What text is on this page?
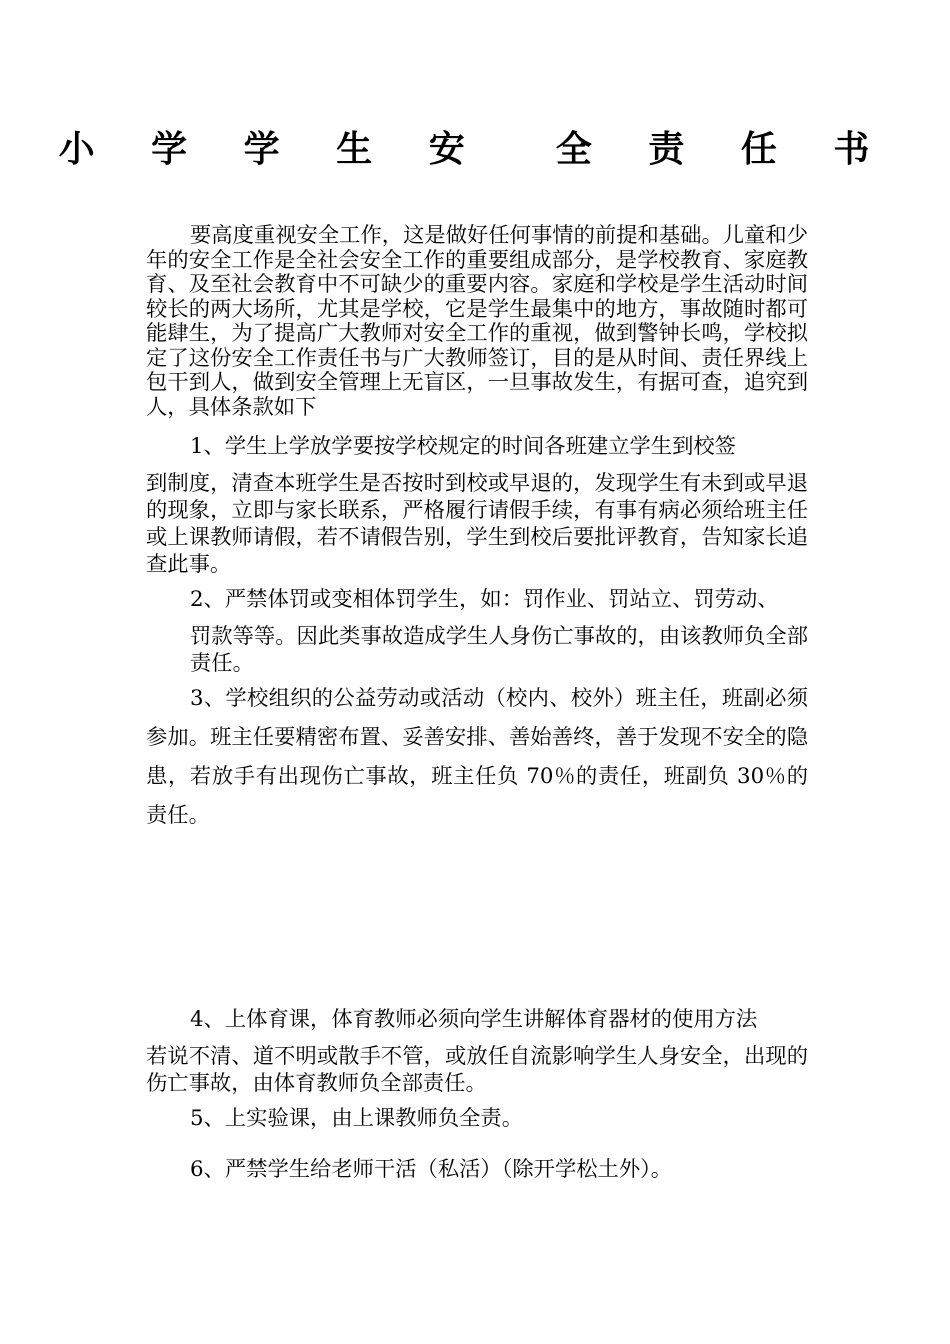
小 学 学 生 安  全 责 任 书

要高度重视安全工作，这是做好任何事情的前提和基础。儿童和少年的安全工作是全社会安全工作的重要组成部分，是学校教育、家庭教育、及至社会教育中不可缺少的重要内容。家庭和学校是学生活动时间较长的两大场所，尤其是学校，它是学生最集中的地方，事故随时都可能肆生，为了提高广大教师对安全工作的重视，做到警钟长鸣，学校拟定了这份安全工作责任书与广大教师签订，目的是从时间、责任界线上包干到人，做到安全管理上无盲区，一旦事故发生，有据可查，追究到人，具体条款如下

1、学生上学放学要按学校规定的时间各班建立学生到校签
到制度，清查本班学生是否按时到校或早退的，发现学生有未到或早退的现象，立即与家长联系，严格履行请假手续，有事有病必须给班主任或上课教师请假，若不请假告别，学生到校后要批评教育，告知家长追查此事。
2、严禁体罚或变相体罚学生，如：罚作业、罚站立、罚劳动、
罚款等等。因此类事故造成学生人身伤亡事故的，由该教师负全部责任。

3、学校组织的公益劳动或活动（校内、校外）班主任，班副必须参加。班主任要精密布置、妥善安排、善始善终，善于发现不安全的隐患，若放手有出现伤亡事故，班主任负 70％的责任，班副负 30％的责任。

4、上体育课，体育教师必须向学生讲解体育器材的使用方法
若说不清、道不明或散手不管，或放任自流影响学生人身安全，出现的伤亡事故，由体育教师负全部责任。

5、上实验课，由上课教师负全责。

6、严禁学生给老师干活（私活）（除开学松土外）。
